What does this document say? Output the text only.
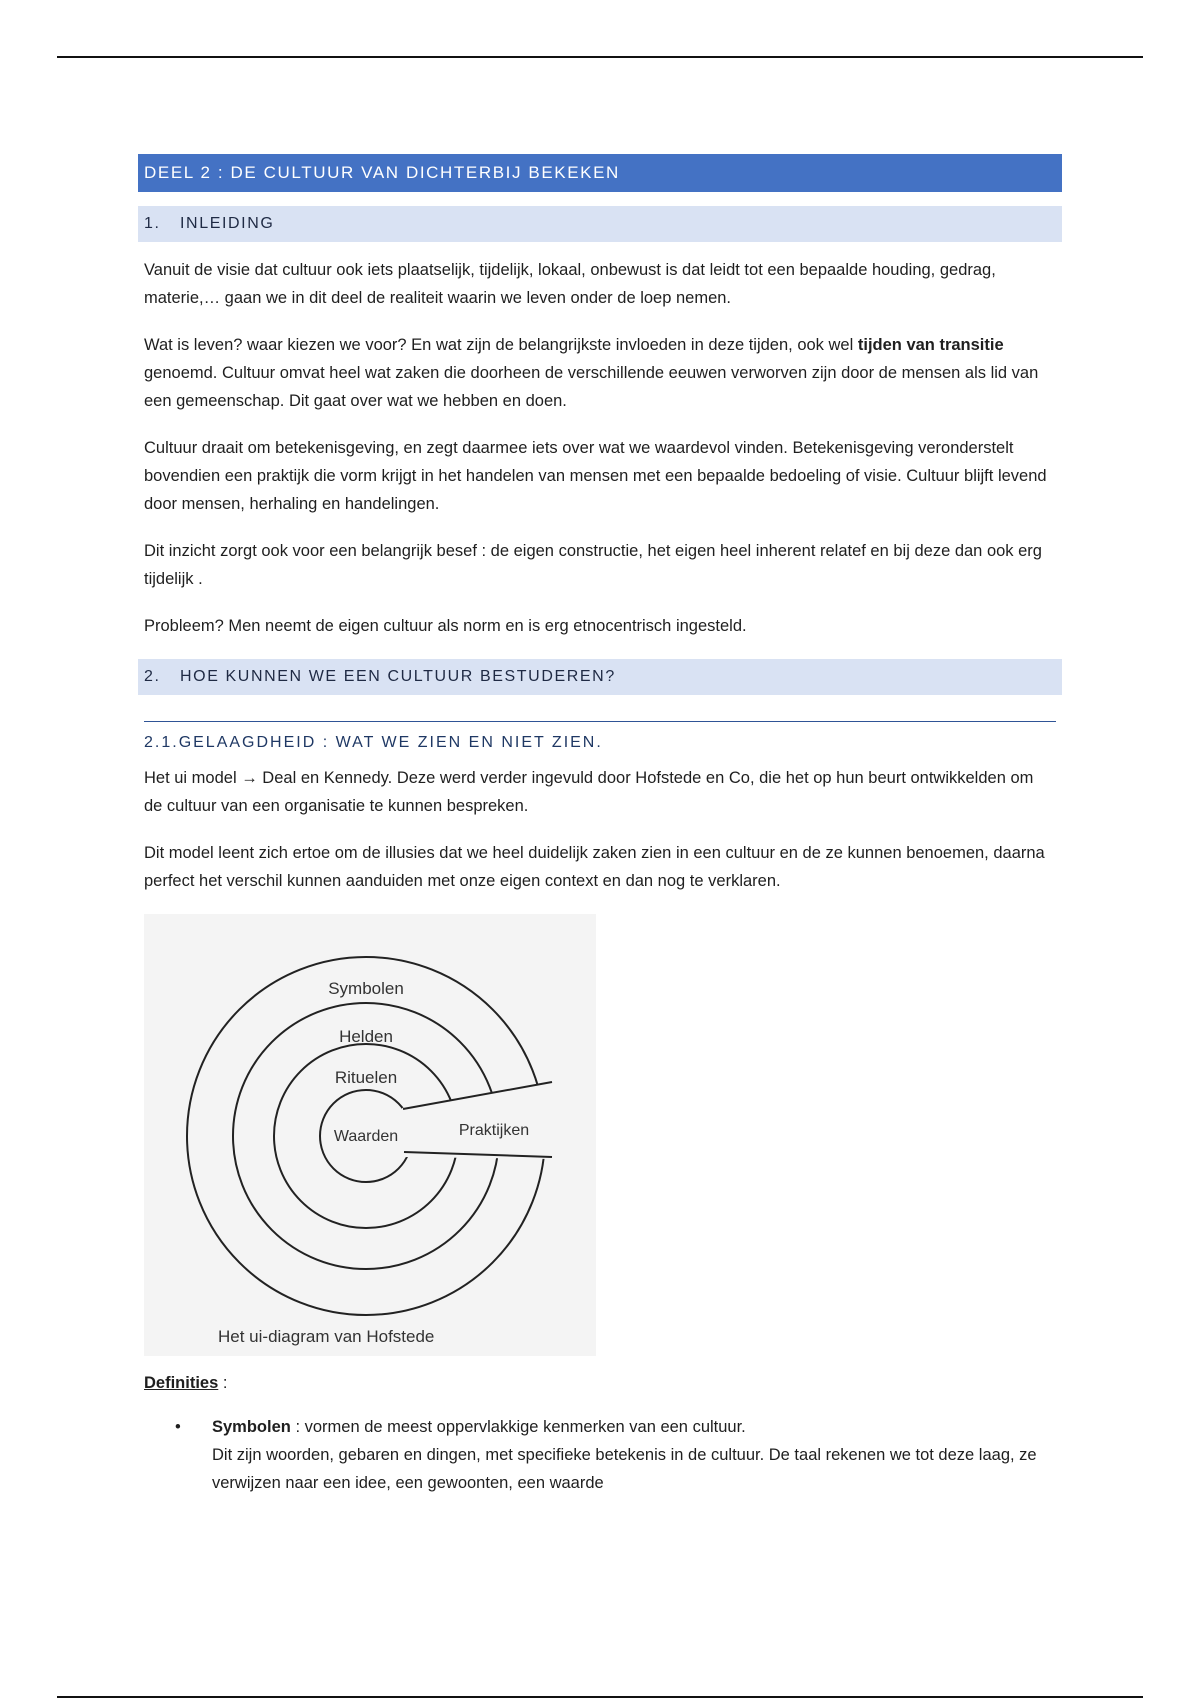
DEEL 2 : DE CULTUUR VAN DICHTERBIJ BEKEKEN
1. INLEIDING

Vanuit de visie dat cultuur ook iets plaatselijk, tijdelijk, lokaal, onbewust is dat leidt tot een bepaalde houding, gedrag, materie,… gaan we in dit deel de realiteit waarin we leven onder de loep nemen.

Wat is leven? waar kiezen we voor? En wat zijn de belangrijkste invloeden in deze tijden, ook wel tijden van transitie genoemd. Cultuur omvat heel wat zaken die doorheen de verschillende eeuwen verworven zijn door de mensen als lid van een gemeenschap. Dit gaat over wat we hebben en doen.

Cultuur draait om betekenisgeving, en zegt daarmee iets over wat we waardevol vinden. Betekenisgeving veronderstelt bovendien een praktijk die vorm krijgt in het handelen van mensen met een bepaalde bedoeling of visie. Cultuur blijft levend door mensen, herhaling en handelingen.

Dit inzicht zorgt ook voor een belangrijk besef : de eigen constructie, het eigen heel inherent relatef en bij deze dan ook erg tijdelijk .

Probleem? Men neemt de eigen cultuur als norm en is erg etnocentrisch ingesteld.

2. HOE KUNNEN WE EEN CULTUUR BESTUDEREN?
2.1.GELAAGDHEID : WAT WE ZIEN EN NIET ZIEN.

Het ui model → Deal en Kennedy. Deze werd verder ingevuld door Hofstede en Co, die het op hun beurt ontwikkelden om de cultuur van een organisatie te kunnen bespreken.

Dit model leent zich ertoe om de illusies dat we heel duidelijk zaken zien in een cultuur en de ze kunnen benoemen, daarna perfect het verschil kunnen aanduiden met onze eigen context en dan nog te verklaren.

Symbolen
Helden
Rituelen
Waarden	Praktijken
Het ui-diagram van Hofstede
Definities :
• Symbolen : vormen de meest oppervlakkige kenmerken van een cultuur.
Dit zijn woorden, gebaren en dingen, met specifieke betekenis in de cultuur. De taal rekenen we tot deze laag, ze verwijzen naar een idee, een gewoonten, een waarde
